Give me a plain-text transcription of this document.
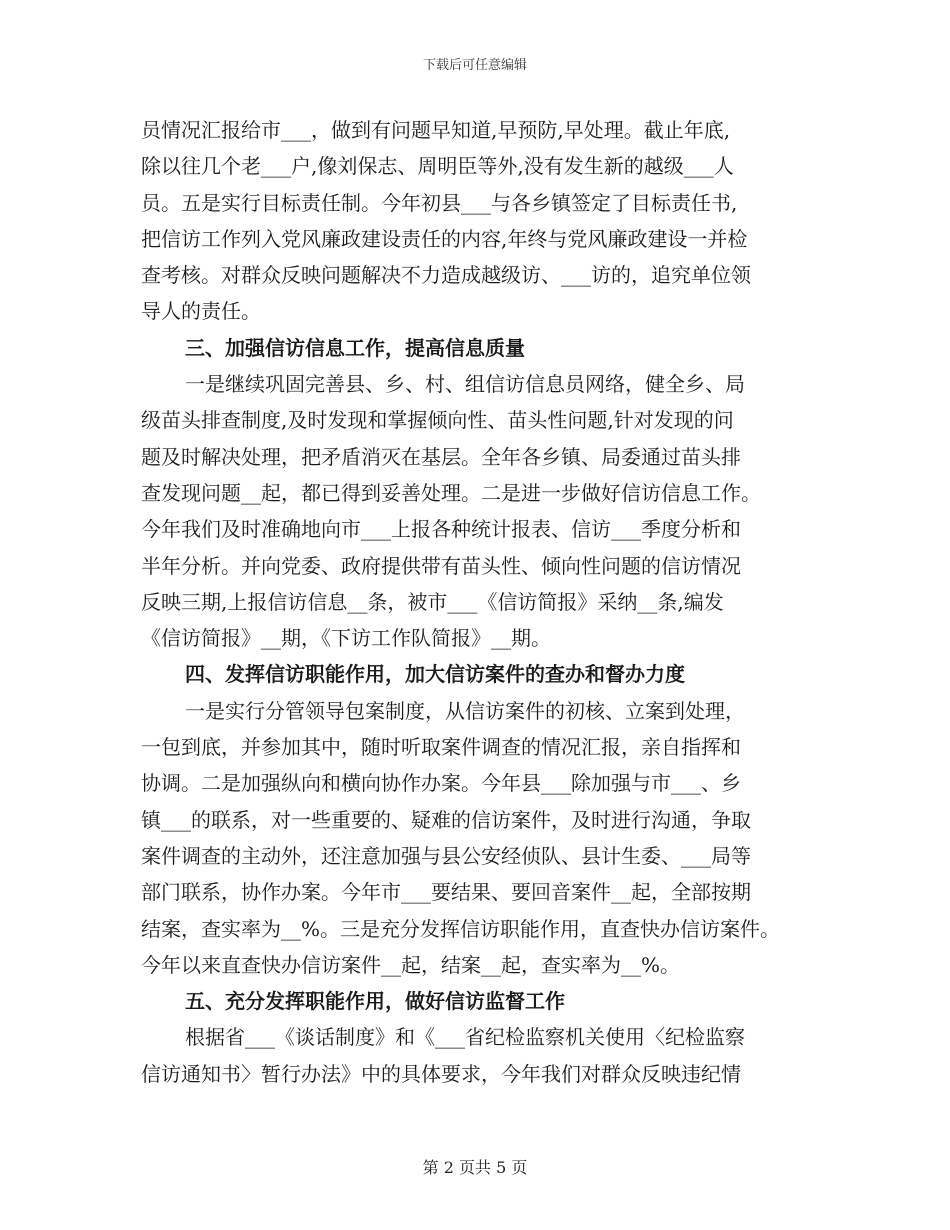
下载后可任意编辑
员情况汇报给市___，做到有问题早知道,早预防,早处理。截止年底,
除以往几个老___户,像刘保志、周明臣等外,没有发生新的越级___人
员。五是实行目标责任制。今年初县___与各乡镇签定了目标责任书,
把信访工作列入党风廉政建设责任的内容,年终与党风廉政建设一并检
查考核。对群众反映问题解决不力造成越级访、___访的，追究单位领
导人的责任。
三、加强信访信息工作，提高信息质量
一是继续巩固完善县、乡、村、组信访信息员网络，健全乡、局
级苗头排查制度,及时发现和掌握倾向性、苗头性问题,针对发现的问
题及时解决处理，把矛盾消灭在基层。全年各乡镇、局委通过苗头排
查发现问题__起，都已得到妥善处理。二是进一步做好信访信息工作。
今年我们及时准确地向市___上报各种统计报表、信访___季度分析和
半年分析。并向党委、政府提供带有苗头性、倾向性问题的信访情况
反映三期,上报信访信息__条，被市___《信访简报》采纳__条,编发
《信访简报》__期，《下访工作队简报》__期。
四、发挥信访职能作用，加大信访案件的查办和督办力度
一是实行分管领导包案制度，从信访案件的初核、立案到处理，
一包到底，并参加其中，随时听取案件调查的情况汇报，亲自指挥和
协调。二是加强纵向和横向协作办案。今年县___除加强与市___、乡
镇___的联系，对一些重要的、疑难的信访案件，及时进行沟通，争取
案件调查的主动外，还注意加强与县公安经侦队、县计生委、___局等
部门联系，协作办案。今年市___要结果、要回音案件__起，全部按期
结案，查实率为__%。三是充分发挥信访职能作用，直查快办信访案件。
今年以来直查快办信访案件__起，结案__起，查实率为__%。
五、充分发挥职能作用，做好信访监督工作
根据省___《谈话制度》和《___省纪检监察机关使用〈纪检监察
信访通知书〉暂行办法》中的具体要求，今年我们对群众反映违纪情
第 2 页共 5 页
